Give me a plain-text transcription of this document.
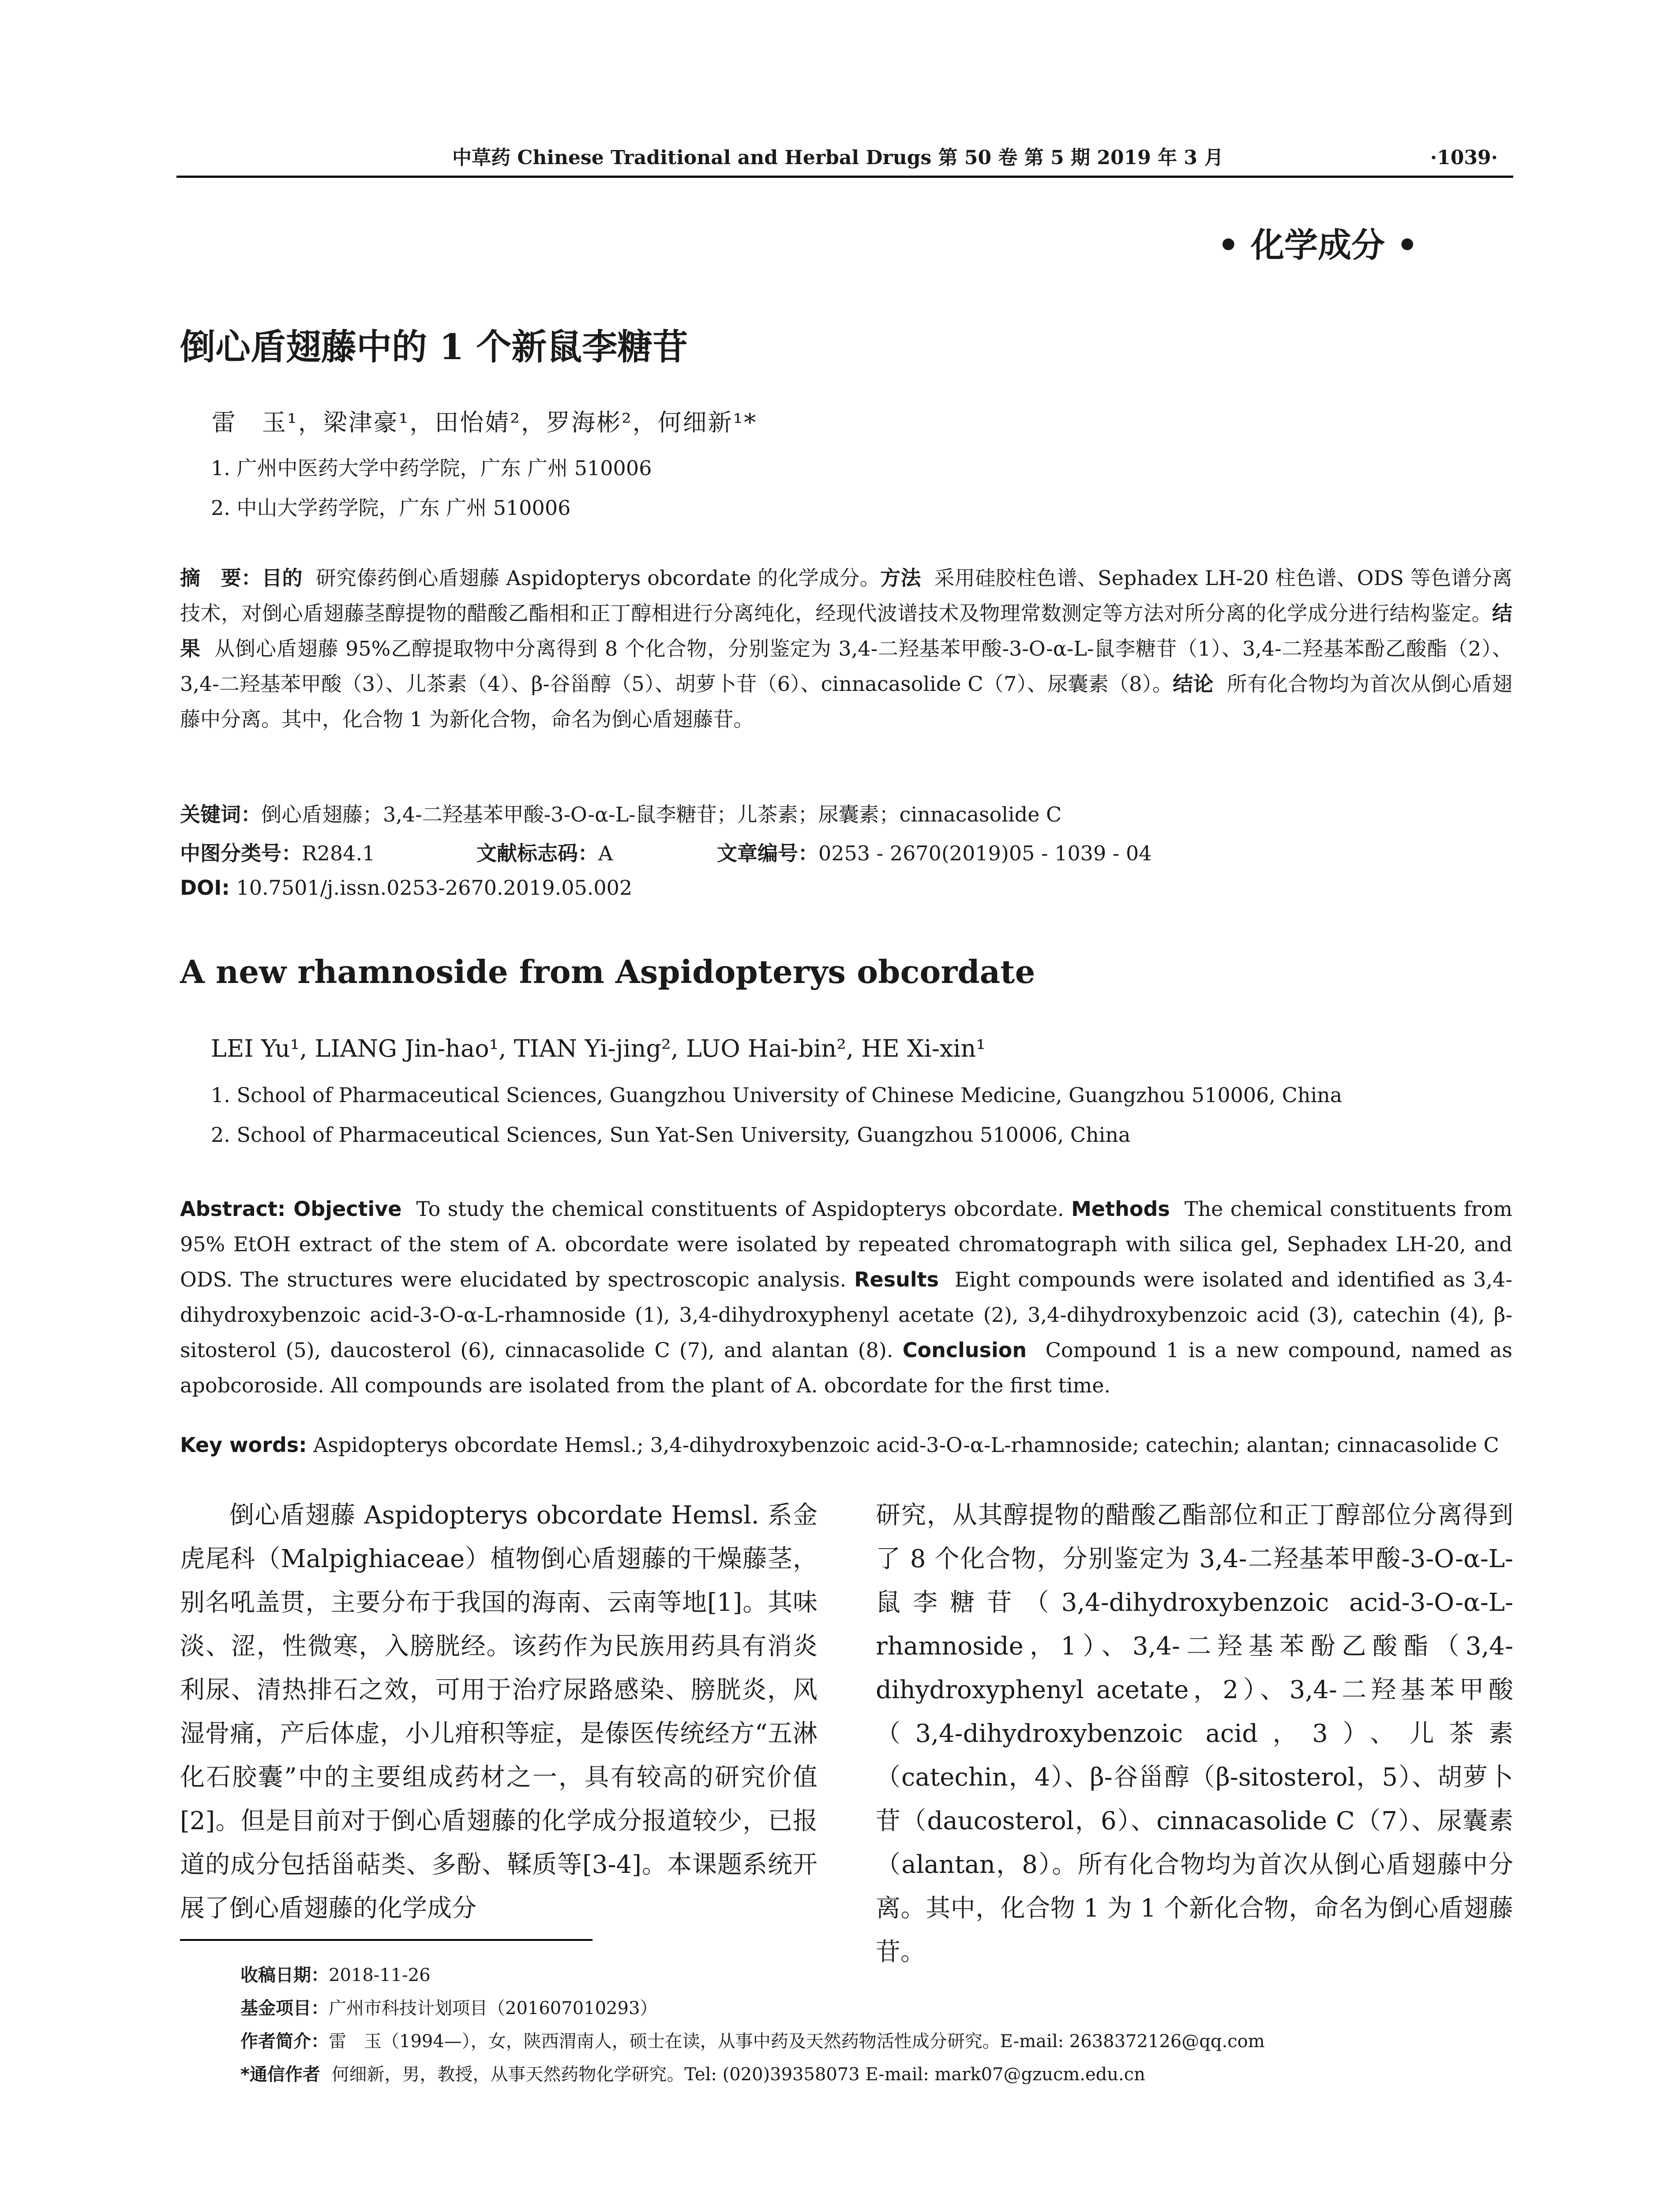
中草药 Chinese Traditional and Herbal Drugs 第 50 卷 第 5 期 2019 年 3 月	·1039·
• 化学成分 •
倒心盾翅藤中的 1 个新鼠李糖苷
雷　玉¹，梁津豪¹，田怡婧²，罗海彬²，何细新¹*
1. 广州中医药大学中药学院，广东 广州 510006
2. 中山大学药学院，广东 广州 510006
摘　要：目的 研究傣药倒心盾翅藤 Aspidopterys obcordate 的化学成分。方法 采用硅胶柱色谱、Sephadex LH-20 柱色谱、ODS 等色谱分离技术，对倒心盾翅藤茎醇提物的醋酸乙酯相和正丁醇相进行分离纯化，经现代波谱技术及物理常数测定等方法对所分离的化学成分进行结构鉴定。结果 从倒心盾翅藤 95%乙醇提取物中分离得到 8 个化合物，分别鉴定为 3,4-二羟基苯甲酸-3-O-α-L-鼠李糖苷（1）、3,4-二羟基苯酚乙酸酯（2）、3,4-二羟基苯甲酸（3）、儿茶素（4）、β-谷甾醇（5）、胡萝卜苷（6）、cinnacasolide C（7）、尿囊素（8）。结论 所有化合物均为首次从倒心盾翅藤中分离。其中，化合物 1 为新化合物，命名为倒心盾翅藤苷。
关键词：倒心盾翅藤；3,4-二羟基苯甲酸-3-O-α-L-鼠李糖苷；儿茶素；尿囊素；cinnacasolide C
中图分类号：R284.1	文献标志码：A	文章编号：0253 - 2670(2019)05 - 1039 - 04
DOI: 10.7501/j.issn.0253-2670.2019.05.002
A new rhamnoside from Aspidopterys obcordate
LEI Yu¹, LIANG Jin-hao¹, TIAN Yi-jing², LUO Hai-bin², HE Xi-xin¹
1. School of Pharmaceutical Sciences, Guangzhou University of Chinese Medicine, Guangzhou 510006, China
2. School of Pharmaceutical Sciences, Sun Yat-Sen University, Guangzhou 510006, China
Abstract: Objective To study the chemical constituents of Aspidopterys obcordate. Methods The chemical constituents from 95% EtOH extract of the stem of A. obcordate were isolated by repeated chromatograph with silica gel, Sephadex LH-20, and ODS. The structures were elucidated by spectroscopic analysis. Results Eight compounds were isolated and identified as 3,4-dihydroxybenzoic acid-3-O-α-L-rhamnoside (1), 3,4-dihydroxyphenyl acetate (2), 3,4-dihydroxybenzoic acid (3), catechin (4), β-sitosterol (5), daucosterol (6), cinnacasolide C (7), and alantan (8). Conclusion Compound 1 is a new compound, named as apobcoroside. All compounds are isolated from the plant of A. obcordate for the first time.
Key words: Aspidopterys obcordate Hemsl.; 3,4-dihydroxybenzoic acid-3-O-α-L-rhamnoside; catechin; alantan; cinnacasolide C

倒心盾翅藤 Aspidopterys obcordate Hemsl. 系金虎尾科（Malpighiaceae）植物倒心盾翅藤的干燥藤茎，别名吼盖贯，主要分布于我国的海南、云南等地[1]。其味淡、涩，性微寒，入膀胱经。该药作为民族用药具有消炎利尿、清热排石之效，可用于治疗尿路感染、膀胱炎，风湿骨痛，产后体虚，小儿疳积等症，是傣医传统经方“五淋化石胶囊”中的主要组成药材之一，具有较高的研究价值[2]。但是目前对于倒心盾翅藤的化学成分报道较少，已报道的成分包括甾萜类、多酚、鞣质等[3-4]。本课题系统开展了倒心盾翅藤的化学成分

研究，从其醇提物的醋酸乙酯部位和正丁醇部位分离得到了 8 个化合物，分别鉴定为 3,4-二羟基苯甲酸-3-O-α-L-鼠李糖苷（3,4-dihydroxybenzoic acid-3-O-α-L-rhamnoside，1）、3,4-二羟基苯酚乙酸酯（3,4-dihydroxyphenyl acetate，2）、3,4-二羟基苯甲酸（3,4-dihydroxybenzoic acid，3）、儿茶素（catechin，4）、β-谷甾醇（β-sitosterol，5）、胡萝卜苷（daucosterol，6）、cinnacasolide C（7）、尿囊素（alantan，8）。所有化合物均为首次从倒心盾翅藤中分离。其中，化合物 1 为 1 个新化合物，命名为倒心盾翅藤苷。

收稿日期：2018-11-26
基金项目：广州市科技计划项目（201607010293）
作者简介：雷　玉（1994—），女，陕西渭南人，硕士在读，从事中药及天然药物活性成分研究。E-mail: 2638372126@qq.com
*通信作者 何细新，男，教授，从事天然药物化学研究。Tel: (020)39358073 E-mail: mark07@gzucm.edu.cn
